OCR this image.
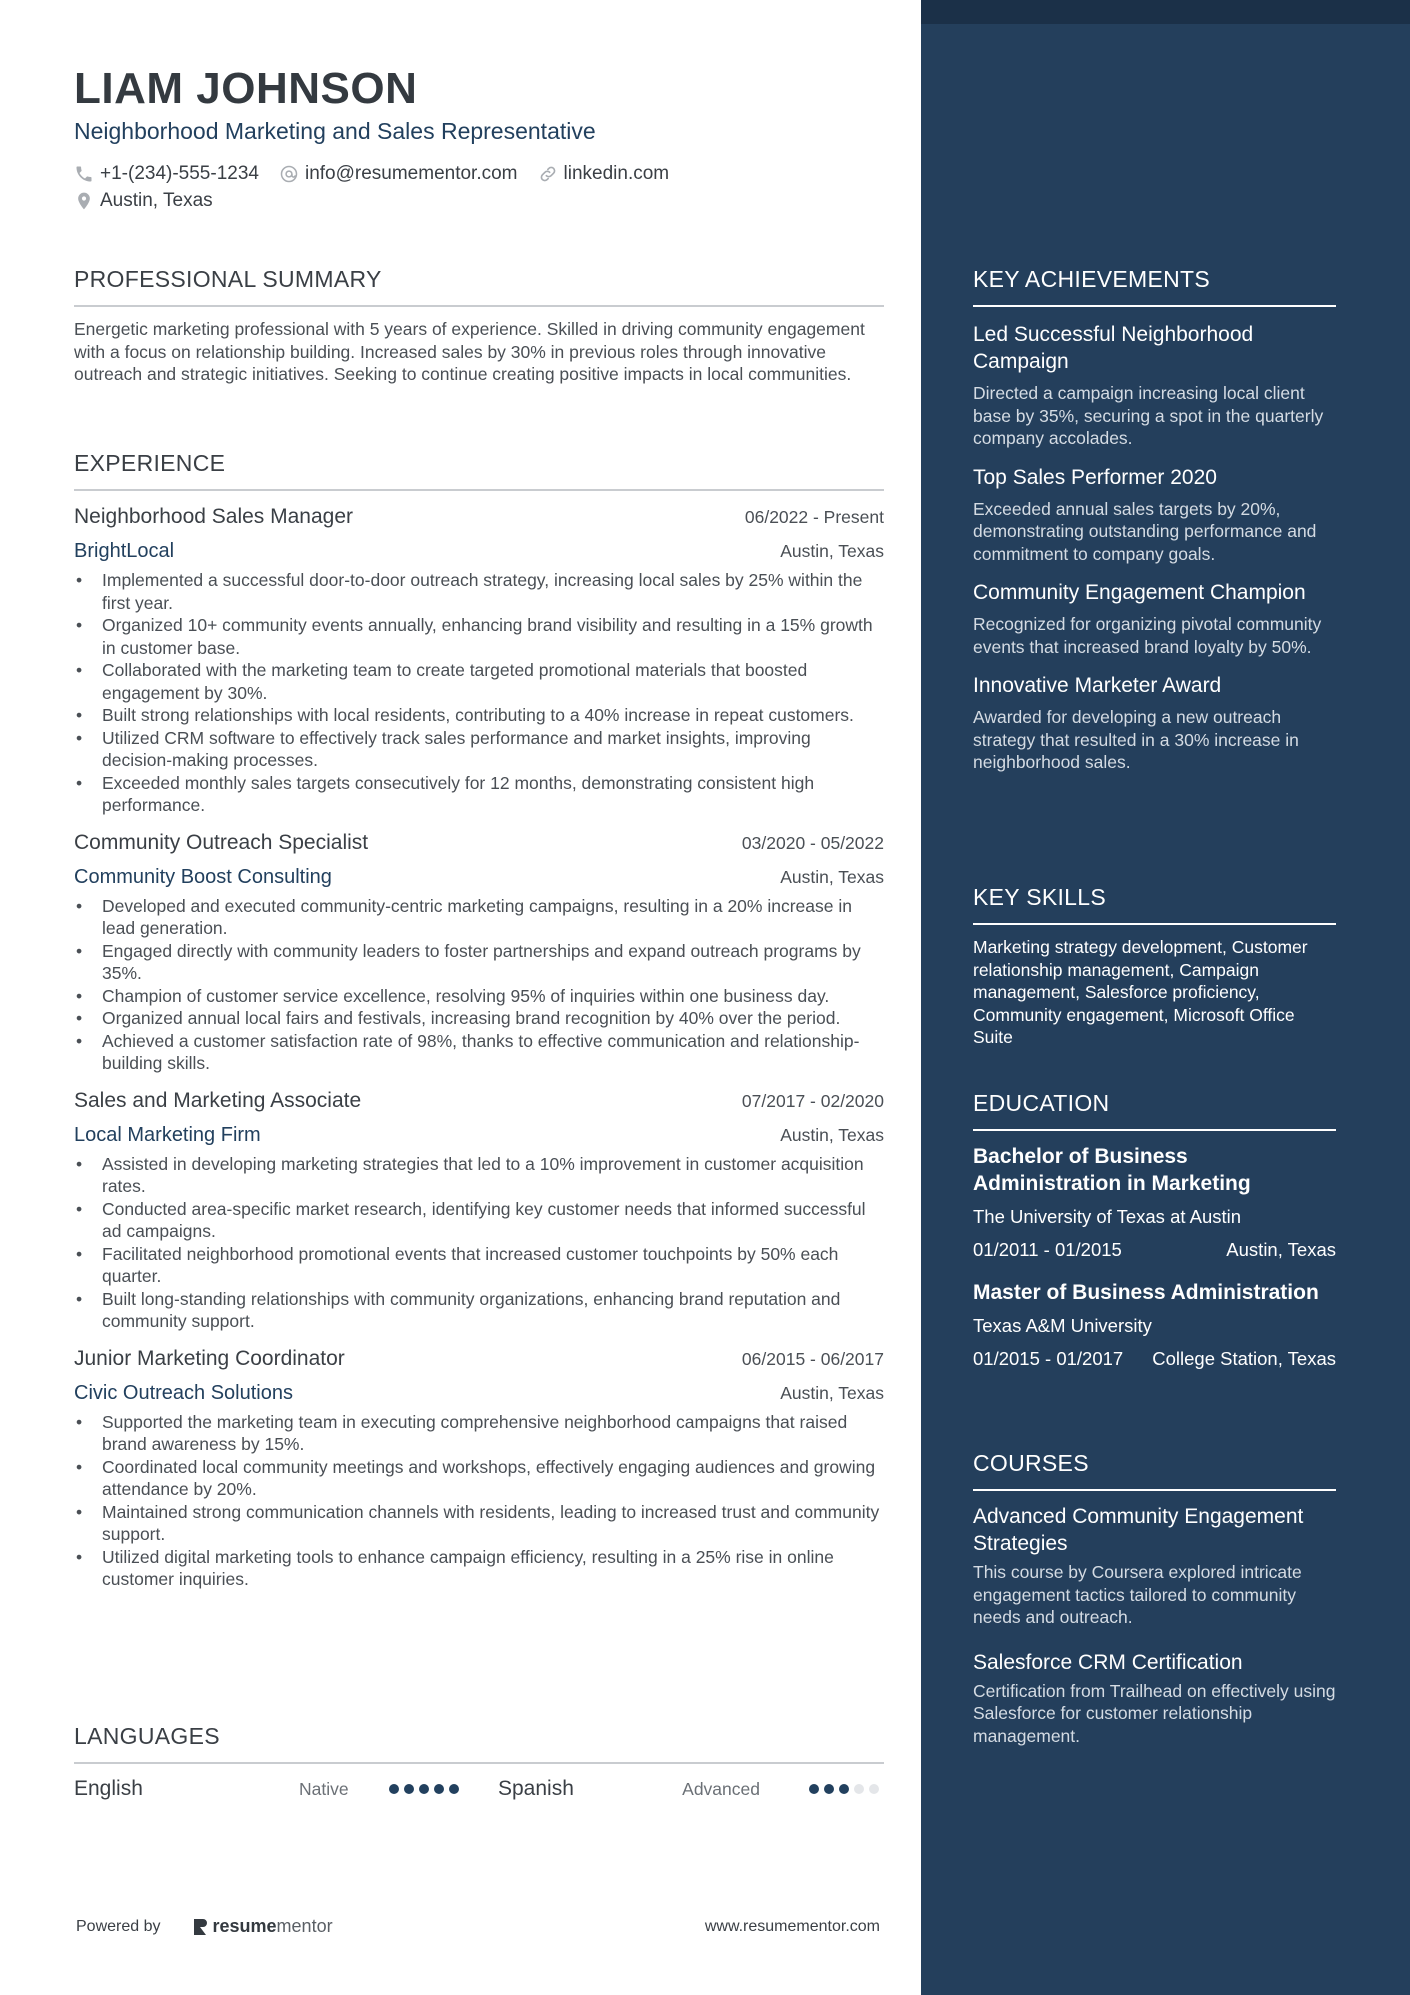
LIAM JOHNSON
Neighborhood Marketing and Sales Representative
+1-(234)-555-1234 info@resumementor.com linkedin.com
Austin, Texas
PROFESSIONAL SUMMARY
Energetic marketing professional with 5 years of experience. Skilled in driving community engagement with a focus on relationship building. Increased sales by 30% in previous roles through innovative outreach and strategic initiatives. Seeking to continue creating positive impacts in local communities.
EXPERIENCE
Neighborhood Sales Manager	06/2022 - Present
BrightLocal	Austin, Texas
• Implemented a successful door-to-door outreach strategy, increasing local sales by 25% within the first year.
• Organized 10+ community events annually, enhancing brand visibility and resulting in a 15% growth in customer base.
• Collaborated with the marketing team to create targeted promotional materials that boosted engagement by 30%.
• Built strong relationships with local residents, contributing to a 40% increase in repeat customers.
• Utilized CRM software to effectively track sales performance and market insights, improving decision-making processes.
• Exceeded monthly sales targets consecutively for 12 months, demonstrating consistent high performance.
Community Outreach Specialist	03/2020 - 05/2022
Community Boost Consulting	Austin, Texas
• Developed and executed community-centric marketing campaigns, resulting in a 20% increase in lead generation.
• Engaged directly with community leaders to foster partnerships and expand outreach programs by 35%.
• Champion of customer service excellence, resolving 95% of inquiries within one business day.
• Organized annual local fairs and festivals, increasing brand recognition by 40% over the period.
• Achieved a customer satisfaction rate of 98%, thanks to effective communication and relationship-building skills.
Sales and Marketing Associate	07/2017 - 02/2020
Local Marketing Firm	Austin, Texas
• Assisted in developing marketing strategies that led to a 10% improvement in customer acquisition rates.
• Conducted area-specific market research, identifying key customer needs that informed successful ad campaigns.
• Facilitated neighborhood promotional events that increased customer touchpoints by 50% each quarter.
• Built long-standing relationships with community organizations, enhancing brand reputation and community support.
Junior Marketing Coordinator	06/2015 - 06/2017
Civic Outreach Solutions	Austin, Texas
• Supported the marketing team in executing comprehensive neighborhood campaigns that raised brand awareness by 15%.
• Coordinated local community meetings and workshops, effectively engaging audiences and growing attendance by 20%.
• Maintained strong communication channels with residents, leading to increased trust and community support.
• Utilized digital marketing tools to enhance campaign efficiency, resulting in a 25% rise in online customer inquiries.
LANGUAGES
English	Native	Spanish	Advanced
Powered by	resume mentor	www.resumementor.com
KEY ACHIEVEMENTS
Led Successful Neighborhood Campaign
Directed a campaign increasing local client base by 35%, securing a spot in the quarterly company accolades.
Top Sales Performer 2020
Exceeded annual sales targets by 20%, demonstrating outstanding performance and commitment to company goals.
Community Engagement Champion
Recognized for organizing pivotal community events that increased brand loyalty by 50%.
Innovative Marketer Award
Awarded for developing a new outreach strategy that resulted in a 30% increase in neighborhood sales.
KEY SKILLS
Marketing strategy development, Customer relationship management, Campaign management, Salesforce proficiency, Community engagement, Microsoft Office Suite
EDUCATION
Bachelor of Business Administration in Marketing
The University of Texas at Austin
01/2011 - 01/2015	Austin, Texas
Master of Business Administration
Texas A&M University
01/2015 - 01/2017 College Station, Texas
COURSES
Advanced Community Engagement Strategies
This course by Coursera explored intricate engagement tactics tailored to community needs and outreach.
Salesforce CRM Certification
Certification from Trailhead on effectively using Salesforce for customer relationship management.
